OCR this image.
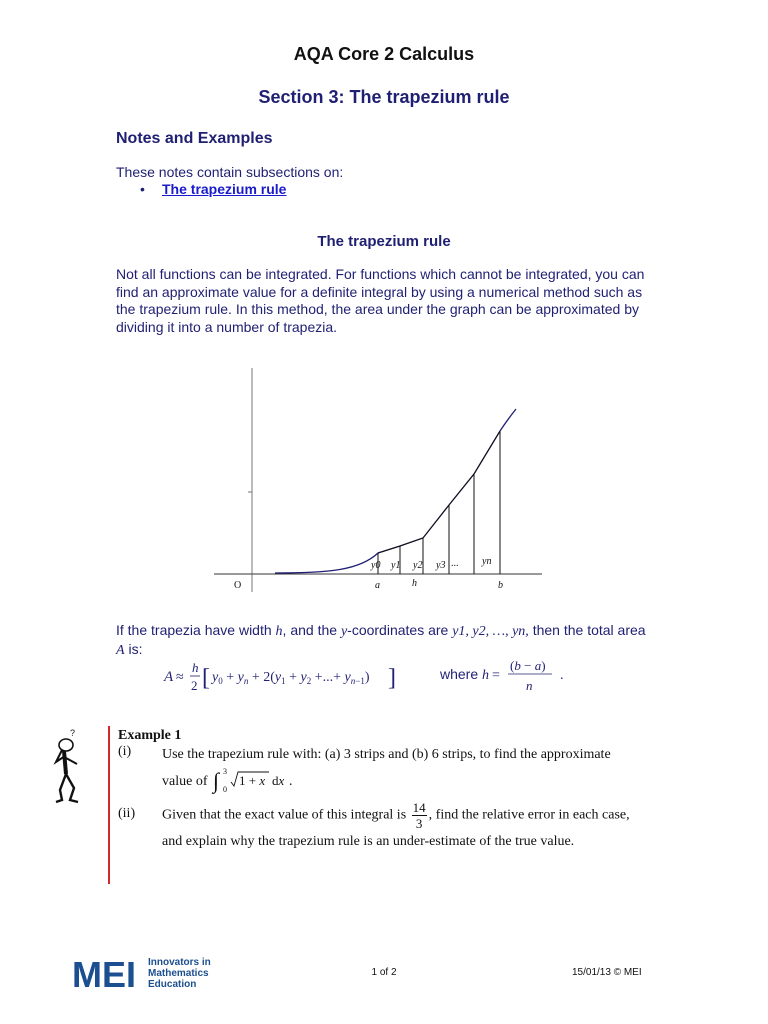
AQA Core 2 Calculus
Section 3: The trapezium rule
Notes and Examples
These notes contain subsections on:
• The trapezium rule
The trapezium rule
Not all functions can be integrated. For functions which cannot be integrated, you can find an approximate value for a definite integral by using a numerical method such as the trapezium rule. In this method, the area under the graph can be approximated by dividing it into a number of trapezia.
O	a	h	b
y0 y1 y2 y3 ... yn
If the trapezia have width h, and the y-coordinates are y1, y2, …, yn, then the total area A is:
A ≈
h
2 [ $y_0 + y_n + 2(y_1 + y_2$ +...+ $y_n-1$) ]	where h =
(b − a)
n
.
?	Example 1
(i) Use the trapezium rule with: (a) 3 strips and (b) 6 strips, to find the approximate value of ∫ 3
0
1 + x dx .
(ii) Given that the exact value of this integral is $\frac{14}{3}$ , find the relative error in each case, and explain why the trapezium rule is an under-estimate of the true value.
MEI Innovators in
Mathematics
Education
1 of 2	15/01/13 © MEI
